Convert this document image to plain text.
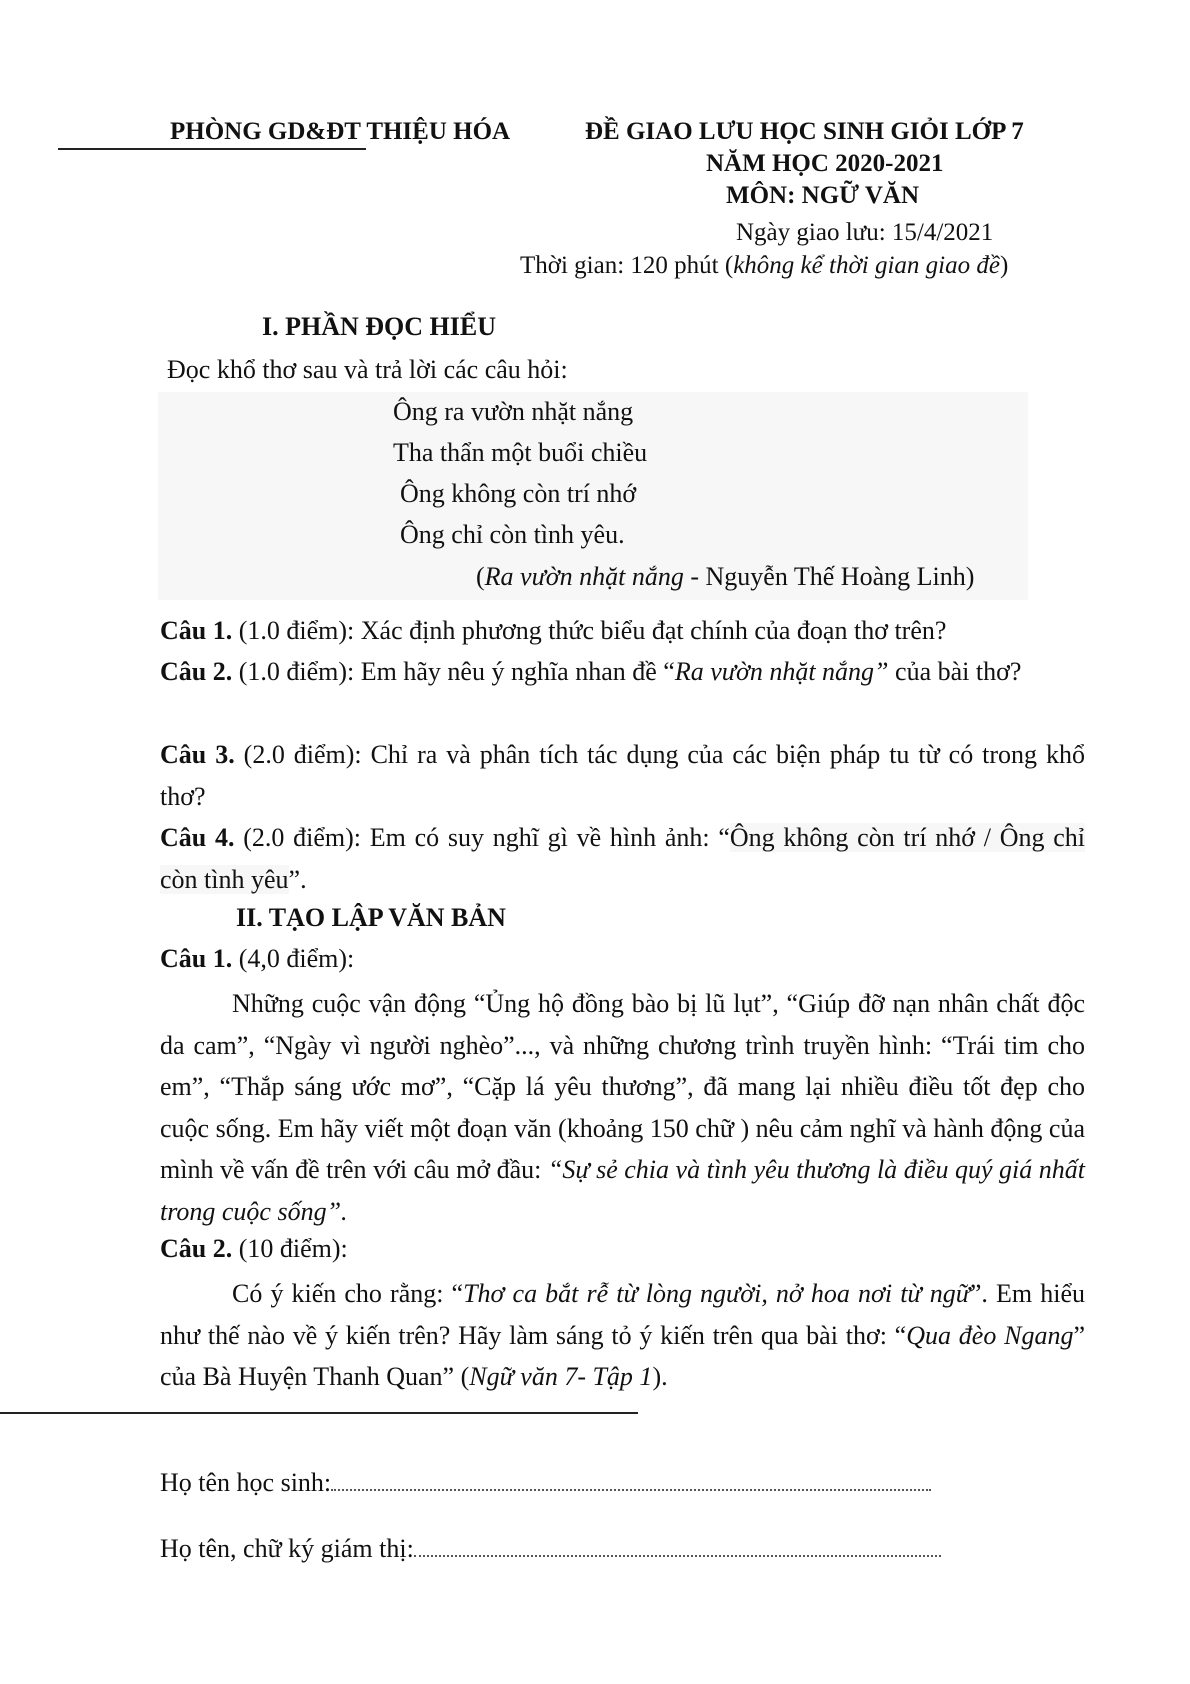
PHÒNG GD&ĐT THIỆU HÓA	ĐỀ GIAO LƯU HỌC SINH GIỎI LỚP 7
NĂM HỌC 2020-2021
MÔN: NGỮ VĂN
Ngày giao lưu: 15/4/2021
Thời gian: 120 phút (không kể thời gian giao đề)
I. PHẦN ĐỌC HIỂU
Đọc khổ thơ sau và trả lời các câu hỏi:
Ông ra vườn nhặt nắng
Tha thẩn một buổi chiều
Ông không còn trí nhớ
Ông chỉ còn tình yêu.
(Ra vườn nhặt nắng - Nguyễn Thế Hoàng Linh)
Câu 1. (1.0 điểm): Xác định phương thức biểu đạt chính của đoạn thơ trên?
Câu 2. (1.0 điểm): Em hãy nêu ý nghĩa nhan đề “Ra vườn nhặt nắng” của bài thơ?
Câu 3. (2.0 điểm): Chỉ ra và phân tích tác dụng của các biện pháp tu từ có trong khổ thơ?
Câu 4. (2.0 điểm): Em có suy nghĩ gì về hình ảnh: “Ông không còn trí nhớ / Ông chỉ còn tình yêu”.
II. TẠO LẬP VĂN BẢN
Câu 1. (4,0 điểm):
Những cuộc vận động “Ủng hộ đồng bào bị lũ lụt”, “Giúp đỡ nạn nhân chất độc da cam”, “Ngày vì người nghèo”..., và những chương trình truyền hình: “Trái tim cho em”, “Thắp sáng ước mơ”, “Cặp lá yêu thương”, đã mang lại nhiều điều tốt đẹp cho cuộc sống. Em hãy viết một đoạn văn (khoảng 150 chữ ) nêu cảm nghĩ và hành động của mình về vấn đề trên với câu mở đầu: “Sự sẻ chia và tình yêu thương là điều quý giá nhất trong cuộc sống”.
Câu 2. (10 điểm):
Có ý kiến cho rằng: “Thơ ca bắt rễ từ lòng người, nở hoa nơi từ ngữ”. Em hiểu như thế nào về ý kiến trên? Hãy làm sáng tỏ ý kiến trên qua bài thơ: “Qua đèo Ngang” của Bà Huyện Thanh Quan” (Ngữ văn 7- Tập 1).
Họ tên học sinh:
Họ tên, chữ ký giám thị:
